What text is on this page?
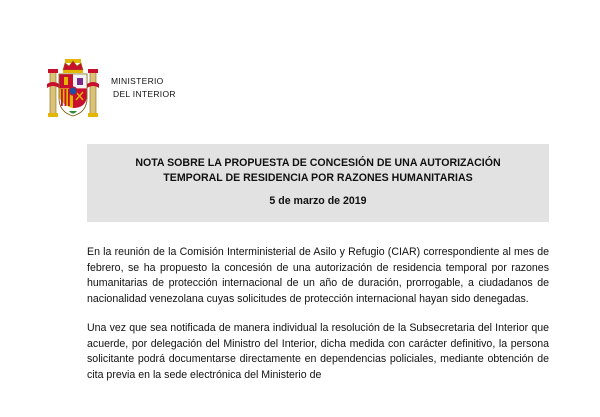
MINISTERIO
DEL INTERIOR
NOTA SOBRE LA PROPUESTA DE CONCESIÓN DE UNA AUTORIZACIÓN
TEMPORAL DE RESIDENCIA POR RAZONES HUMANITARIAS
5 de marzo de 2019

En la reunión de la Comisión Interministerial de Asilo y Refugio (CIAR) correspondiente al mes de febrero, se ha propuesto la concesión de una autorización de residencia temporal por razones humanitarias de protección internacional de un año de duración, prorrogable, a ciudadanos de nacionalidad venezolana cuyas solicitudes de protección internacional hayan sido denegadas.

Una vez que sea notificada de manera individual la resolución de la Subsecretaria del Interior que acuerde, por delegación del Ministro del Interior, dicha medida con carácter definitivo, la persona solicitante podrá documentarse directamente en dependencias policiales, mediante obtención de cita previa en la sede electrónica del Ministerio de
